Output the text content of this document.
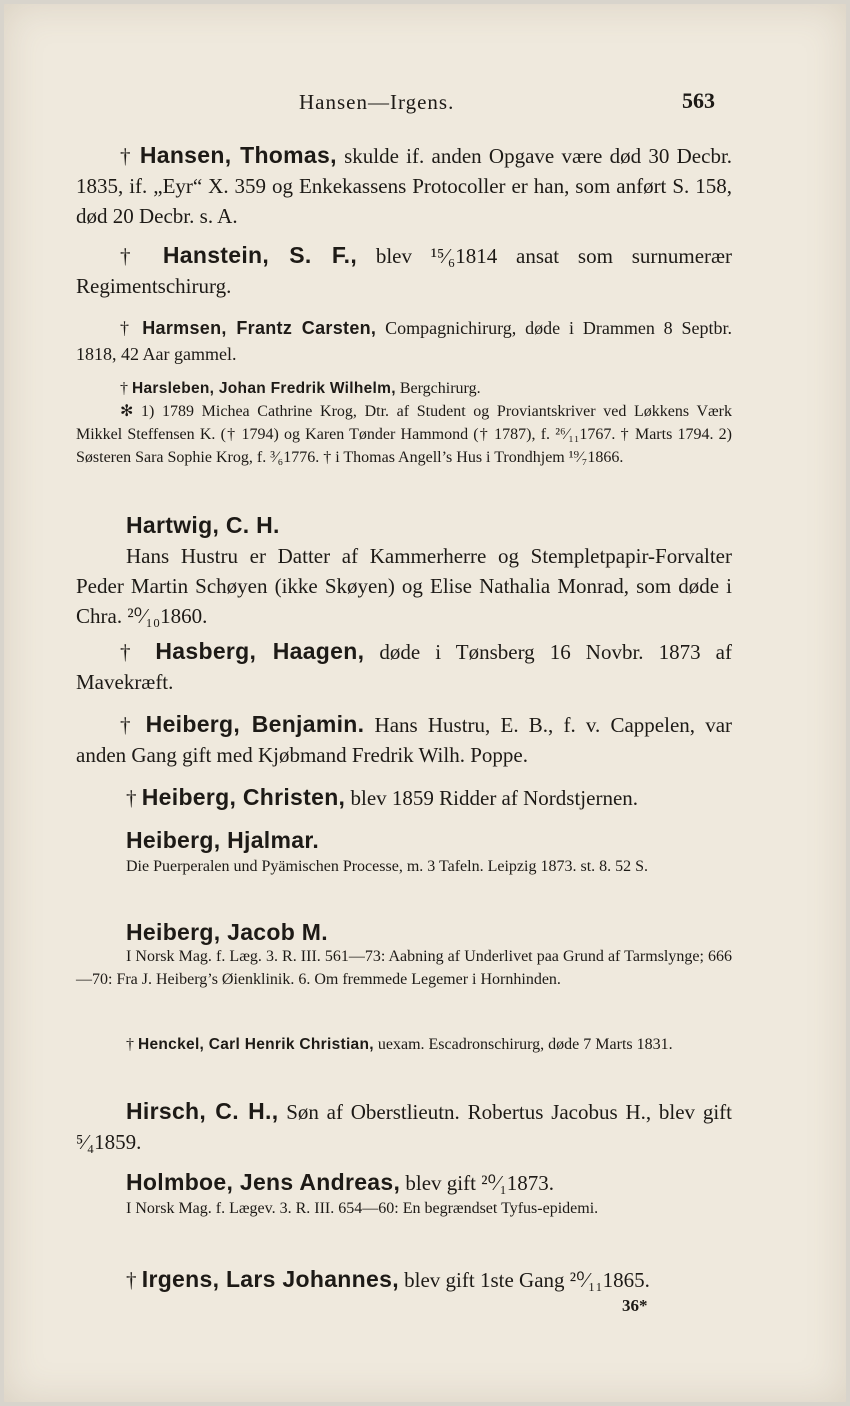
Hansen—Irgens.	563
† Hansen, Thomas, skulde if. anden Opgave være død 30 Decbr. 1835, if. „Eyr“ X. 359 og Enkekassens Protocoller er han, som anført S. 158, død 20 Decbr. s. A.
† Hanstein, S. F., blev ¹⁵⁄₆1814 ansat som surnumerær Regimentschirurg.
† Harmsen, Frantz Carsten, Compagnichirurg, døde i Drammen 8 Septbr. 1818, 42 Aar gammel.
† Harsleben, Johan Fredrik Wilhelm, Bergchirurg.
✻ 1) 1789 Michea Cathrine Krog, Dtr. af Student og Proviantskriver ved Løkkens Værk Mikkel Steffensen K. († 1794) og Karen Tønder Hammond († 1787), f. ²⁶⁄₁₁1767. † Marts 1794. 2) Søsteren Sara Sophie Krog, f. ³⁄₆1776. † i Thomas Angell’s Hus i Trondhjem ¹⁹⁄₇1866.
Hartwig, C. H.
Hans Hustru er Datter af Kammerherre og Stempletpapir-Forvalter Peder Martin Schøyen (ikke Skøyen) og Elise Nathalia Monrad, som døde i Chra. ²⁰⁄₁₀1860.
† Hasberg, Haagen, døde i Tønsberg 16 Novbr. 1873 af Mavekræft.
† Heiberg, Benjamin. Hans Hustru, E. B., f. v. Cappelen, var anden Gang gift med Kjøbmand Fredrik Wilh. Poppe.
† Heiberg, Christen, blev 1859 Ridder af Nordstjernen.
Heiberg, Hjalmar.
Die Puerperalen und Pyämischen Processe, m. 3 Tafeln. Leipzig 1873. st. 8. 52 S.
Heiberg, Jacob M.
I Norsk Mag. f. Læg. 3. R. III. 561—73: Aabning af Underlivet paa Grund af Tarmslynge; 666—70: Fra J. Heiberg’s Øienklinik. 6. Om fremmede Legemer i Hornhinden.
† Henckel, Carl Henrik Christian, uexam. Escadronschirurg, døde 7 Marts 1831.
Hirsch, C. H., Søn af Oberstlieutn. Robertus Jacobus H., blev gift ⁵⁄₄1859.
Holmboe, Jens Andreas, blev gift ²⁰⁄₁1873.
I Norsk Mag. f. Lægev. 3. R. III. 654—60: En begrændset Tyfus-epidemi.
† Irgens, Lars Johannes, blev gift 1ste Gang ²⁰⁄₁₁1865.
36*
